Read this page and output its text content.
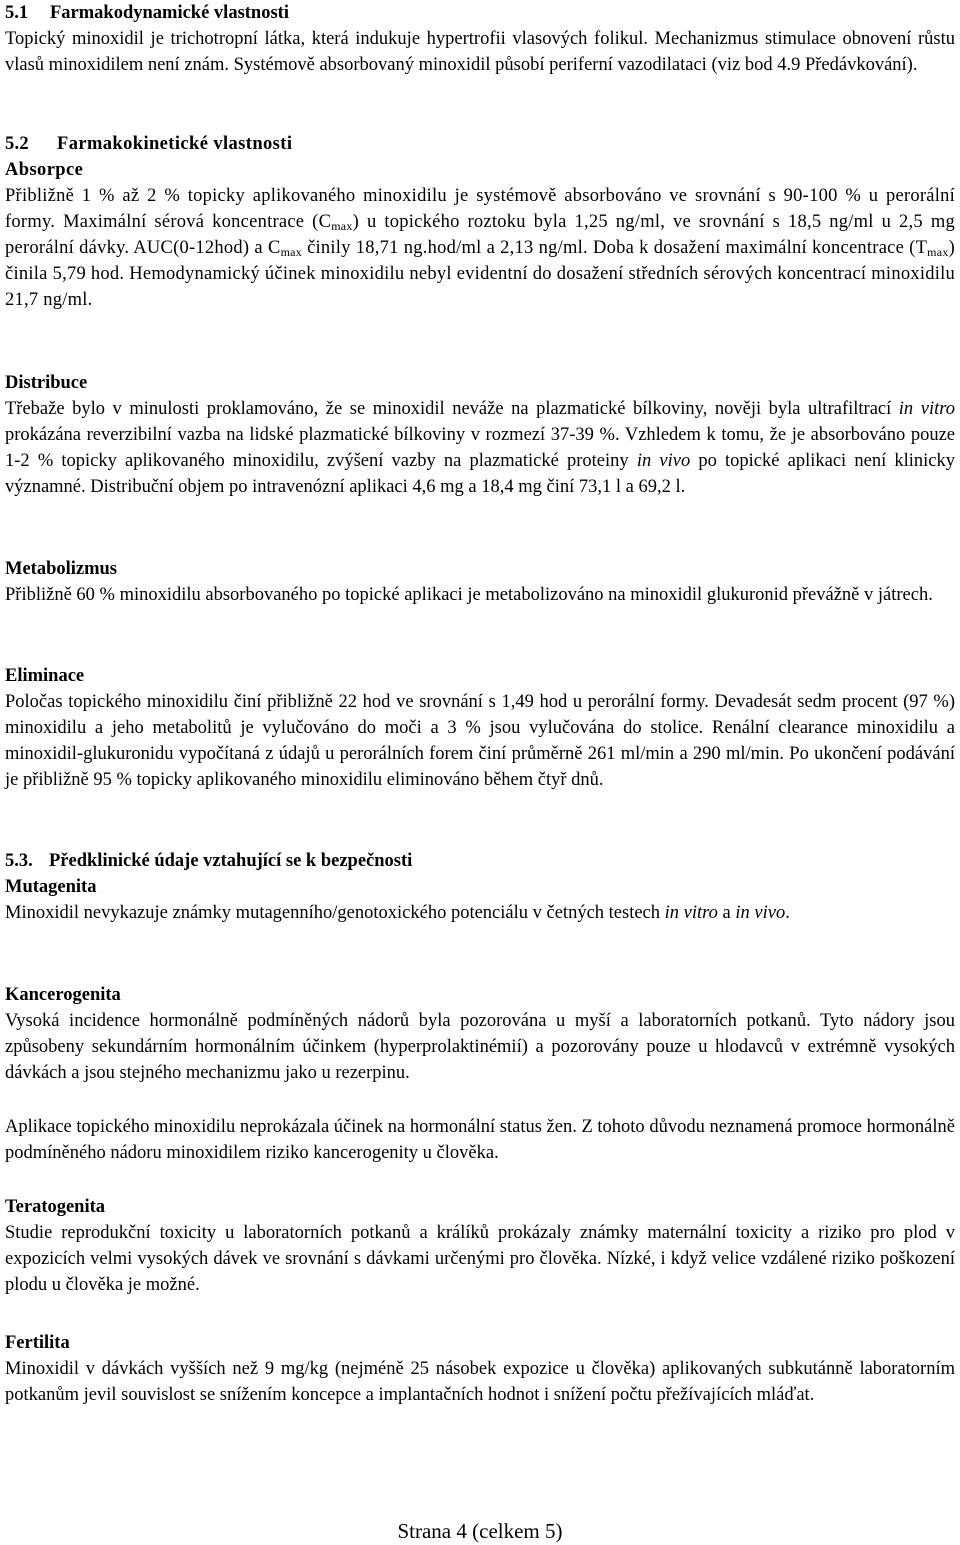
5.1 Farmakodynamické vlastnosti

Topický minoxidil je trichotropní látka, která indukuje hypertrofii vlasových folikul. Mechanizmus stimulace obnovení růstu vlasů minoxidilem není znám. Systémově absorbovaný minoxidil působí periferní vazodilataci (viz bod 4.9 Předávkování).

5.2 Farmakokinetické vlastnosti
Absorpce

Přibližně 1 % až 2 % topicky aplikovaného minoxidilu je systémově absorbováno ve srovnání s 90-100 % u perorální formy. Maximální sérová koncentrace $(C_{max})$ u topického roztoku byla 1,25 ng/ml, ve srovnání s 18,5 ng/ml u 2,5 mg perorální dávky. AUC(0-12hod) a $C_{max}$ činily 18,71 ng.hod/ml a 2,13 ng/ml. Doba k dosažení maximální koncentrace $(T_{max})$ činila 5,79 hod. Hemodynamický účinek minoxidilu nebyl evidentní do dosažení středních sérových koncentrací minoxidilu 21,7 ng/ml.

Distribuce

Třebaže bylo v minulosti proklamováno, že se minoxidil neváže na plazmatické bílkoviny, nověji byla ultrafiltrací in vitro prokázána reverzibilní vazba na lidské plazmatické bílkoviny v rozmezí 37-39 %. Vzhledem k tomu, že je absorbováno pouze 1-2 % topicky aplikovaného minoxidilu, zvýšení vazby na plazmatické proteiny in vivo po topické aplikaci není klinicky významné. Distribuční objem po intravenózní aplikaci 4,6 mg a 18,4 mg činí 73,1 l a 69,2 l.

Metabolizmus

Přibližně 60 % minoxidilu absorbovaného po topické aplikaci je metabolizováno na minoxidil glukuronid převážně v játrech.

Eliminace

Poločas topického minoxidilu činí přibližně 22 hod ve srovnání s 1,49 hod u perorální formy. Devadesát sedm procent (97 %) minoxidilu a jeho metabolitů je vylučováno do moči a 3 % jsou vylučována do stolice. Renální clearance minoxidilu a minoxidil-glukuronidu vypočítaná z údajů u perorálních forem činí průměrně 261 ml/min a 290 ml/min. Po ukončení podávání je přibližně 95 % topicky aplikovaného minoxidilu eliminováno během čtyř dnů.

5.3. Předklinické údaje vztahující se k bezpečnosti
Mutagenita

Minoxidil nevykazuje známky mutagenního/genotoxického potenciálu v četných testech in vitro a in vivo.

Kancerogenita

Vysoká incidence hormonálně podmíněných nádorů byla pozorována u myší a laboratorních potkanů. Tyto nádory jsou způsobeny sekundárním hormonálním účinkem (hyperprolaktinémií) a pozorovány pouze u hlodavců v extrémně vysokých dávkách a jsou stejného mechanizmu jako u rezerpinu.

Aplikace topického minoxidilu neprokázala účinek na hormonální status žen. Z tohoto důvodu neznamená promoce hormonálně podmíněného nádoru minoxidilem riziko kancerogenity u člověka.

Teratogenita

Studie reprodukční toxicity u laboratorních potkanů a králíků prokázaly známky maternální toxicity a riziko pro plod v expozicích velmi vysokých dávek ve srovnání s dávkami určenými pro člověka. Nízké, i když velice vzdálené riziko poškození plodu u člověka je možné.

Fertilita

Minoxidil v dávkách vyšších než 9 mg/kg (nejméně 25 násobek expozice u člověka) aplikovaných subkutánně laboratorním potkanům jevil souvislost se snížením koncepce a implantačních hodnot i snížení počtu přežívajících mláďat.

Strana 4 (celkem 5)
